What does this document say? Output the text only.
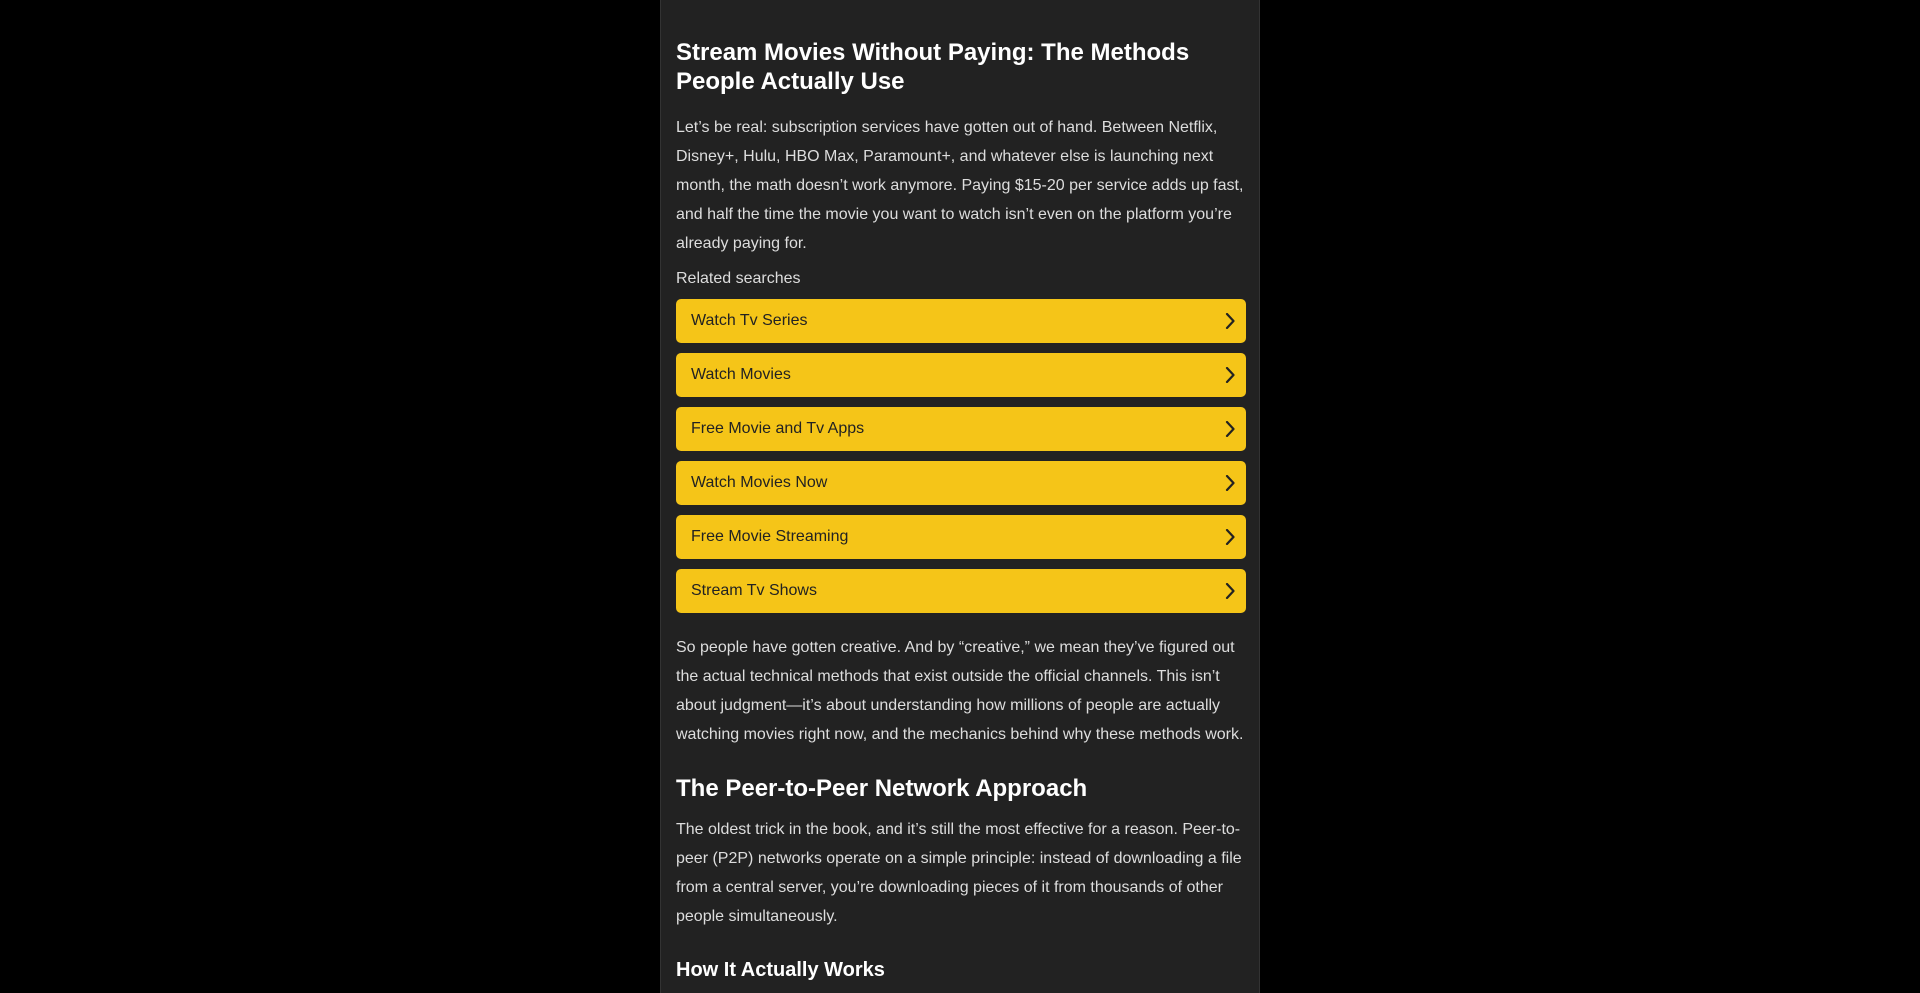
Stream Movies Without Paying: The Methods People Actually Use

Let’s be real: subscription services have gotten out of hand. Between Netflix, Disney+, Hulu, HBO Max, Paramount+, and whatever else is launching next month, the math doesn’t work anymore. Paying $15-20 per service adds up fast, and half the time the movie you want to watch isn’t even on the platform you’re already paying for.

Related searches
Watch Tv Series
Watch Movies
Free Movie and Tv Apps
Watch Movies Now
Free Movie Streaming
Stream Tv Shows

So people have gotten creative. And by “creative,” we mean they’ve figured out the actual technical methods that exist outside the official channels. This isn’t about judgment—it’s about understanding how millions of people are actually watching movies right now, and the mechanics behind why these methods work.

The Peer-to-Peer Network Approach

The oldest trick in the book, and it’s still the most effective for a reason. Peer-to-peer (P2P) networks operate on a simple principle: instead of downloading a file from a central server, you’re downloading pieces of it from thousands of other people simultaneously.

How It Actually Works
